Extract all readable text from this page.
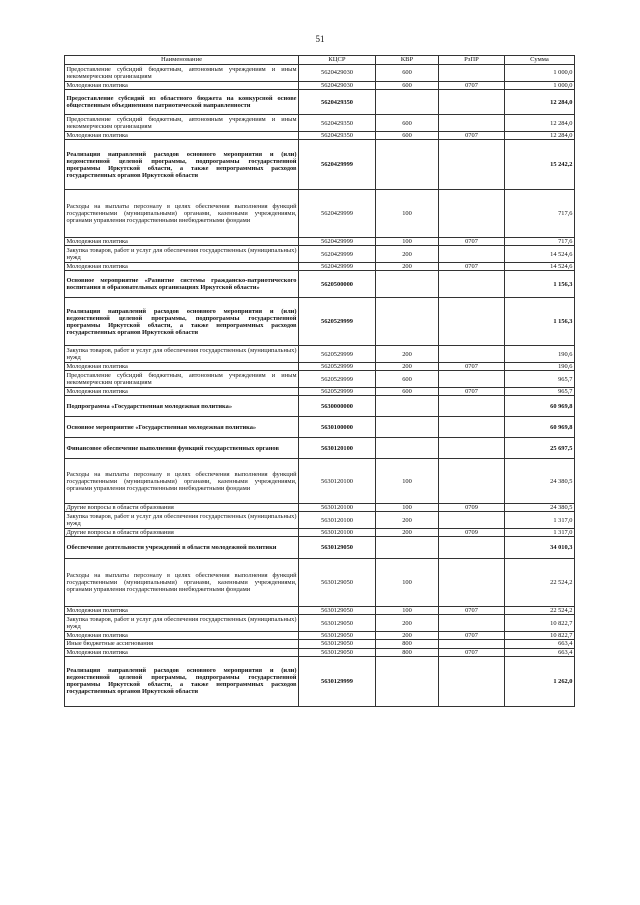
51
Наименование	КЦСР	КВР	РзПР	Сумма
Предоставление субсидий бюджетным, автономным учреждениям и иным некоммерческим организациям	5620429030	600		1 000,0
Молодежная политика	5620429030	600	0707	1 000,0
Предоставление субсидий из областного бюджета на конкурсной основе общественным объединениям патриотической направленности	5620429350			12 284,0
Предоставление субсидий бюджетным, автономным учреждениям и иным некоммерческим организациям	5620429350	600		12 284,0
Молодежная политика	5620429350	600	0707	12 284,0
Реализация направлений расходов основного мероприятия и (или) ведомственной целевой программы, подпрограммы государственной программы Иркутской области, а также непрограммных расходов государственных органов Иркутской области	5620429999			15 242,2
Расходы на выплаты персоналу в целях обеспечения выполнения функций государственными (муниципальными) органами, казенными учреждениями, органами управления государственными внебюджетными фондами	5620429999	100		717,6
Молодежная политика	5620429999	100	0707	717,6
Закупка товаров, работ и услуг для обеспечения государственных (муниципальных) нужд	5620429999	200		14 524,6
Молодежная политика	5620429999	200	0707	14 524,6
Основное мероприятие «Развитие системы гражданско-патриотического воспитания в образовательных организациях Иркутской области»	5620500000			1 156,3
Реализация направлений расходов основного мероприятия и (или) ведомственной целевой программы, подпрограммы государственной программы Иркутской области, а также непрограммных расходов государственных органов Иркутской области	5620529999			1 156,3
Закупка товаров, работ и услуг для обеспечения государственных (муниципальных) нужд	5620529999	200		190,6
Молодежная политика	5620529999	200	0707	190,6
Предоставление субсидий бюджетным, автономным учреждениям и иным некоммерческим организациям	5620529999	600		965,7
Молодежная политика	5620529999	600	0707	965,7
Подпрограмма «Государственная молодежная политика»	5630000000			60 969,8
Основное мероприятие «Государственная молодежная политика»	5630100000			60 969,8
Финансовое обеспечение выполнения функций государственных органов	5630120100			25 697,5
Расходы на выплаты персоналу в целях обеспечения выполнения функций государственными (муниципальными) органами, казенными учреждениями, органами управления государственными внебюджетными фондами	5630120100	100		24 380,5
Другие вопросы в области образования	5630120100	100	0709	24 380,5
Закупка товаров, работ и услуг для обеспечения государственных (муниципальных) нужд	5630120100	200		1 317,0
Другие вопросы в области образования	5630120100	200	0709	1 317,0
Обеспечение деятельности учреждений в области молодежной политики	5630129050			34 010,3
Расходы на выплаты персоналу в целях обеспечения выполнения функций государственными (муниципальными) органами, казенными учреждениями, органами управления государственными внебюджетными фондами	5630129050	100		22 524,2
Молодежная политика	5630129050	100	0707	22 524,2
Закупка товаров, работ и услуг для обеспечения государственных (муниципальных) нужд	5630129050	200		10 822,7
Молодежная политика	5630129050	200	0707	10 822,7
Иные бюджетные ассигнования	5630129050	800		663,4
Молодежная политика	5630129050	800	0707	663,4
Реализация направлений расходов основного мероприятия и (или) ведомственной целевой программы, подпрограммы государственной программы Иркутской области, а также непрограммных расходов государственных органов Иркутской области	5630129999			1 262,0
